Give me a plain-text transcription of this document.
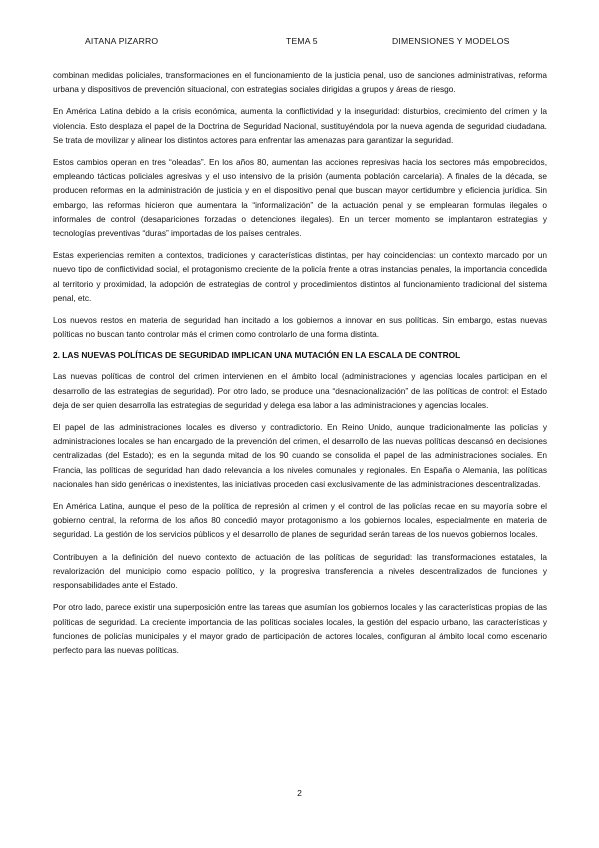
AITANA PIZARRO	TEMA 5	DIMENSIONES Y MODELOS

combinan medidas policiales, transformaciones en el funcionamiento de la justicia penal, uso de sanciones administrativas, reforma urbana y dispositivos de prevención situacional, con estrategias sociales dirigidas a grupos y áreas de riesgo.

En América Latina debido a la crisis económica, aumenta la conflictividad y la inseguridad: disturbios, crecimiento del crimen y la violencia. Esto desplaza el papel de la Doctrina de Seguridad Nacional, sustituyéndola por la nueva agenda de seguridad ciudadana. Se trata de movilizar y alinear los distintos actores para enfrentar las amenazas para garantizar la seguridad.

Estos cambios operan en tres “oleadas”. En los años 80, aumentan las acciones represivas hacia los sectores más empobrecidos, empleando tácticas policiales agresivas y el uso intensivo de la prisión (aumenta población carcelaria). A finales de la década, se producen reformas en la administración de justicia y en el dispositivo penal que buscan mayor certidumbre y eficiencia jurídica. Sin embargo, las reformas hicieron que aumentara la “informalización” de la actuación penal y se emplearan formulas ilegales o informales de control (desapariciones forzadas o detenciones ilegales). En un tercer momento se implantaron estrategias y tecnologías preventivas “duras” importadas de los países centrales.

Estas experiencias remiten a contextos, tradiciones y características distintas, per hay coincidencias: un contexto marcado por un nuevo tipo de conflictividad social, el protagonismo creciente de la policía frente a otras instancias penales, la importancia concedida al territorio y proximidad, la adopción de estrategias de control y procedimientos distintos al funcionamiento tradicional del sistema penal, etc.

Los nuevos restos en materia de seguridad han incitado a los gobiernos a innovar en sus políticas. Sin embargo, estas nuevas políticas no buscan tanto controlar más el crimen como controlarlo de una forma distinta.

2. LAS NUEVAS POLÍTICAS DE SEGURIDAD IMPLICAN UNA MUTACIÓN EN LA ESCALA DE CONTROL

Las nuevas políticas de control del crimen intervienen en el ámbito local (administraciones y agencias locales participan en el desarrollo de las estrategias de seguridad). Por otro lado, se produce una “desnacionalización” de las políticas de control: el Estado deja de ser quien desarrolla las estrategias de seguridad y delega esa labor a las administraciones y agencias locales.

El papel de las administraciones locales es diverso y contradictorio. En Reino Unido, aunque tradicionalmente las policías y administraciones locales se han encargado de la prevención del crimen, el desarrollo de las nuevas políticas descansó en decisiones centralizadas (del Estado); es en la segunda mitad de los 90 cuando se consolida el papel de las administraciones sociales. En Francia, las políticas de seguridad han dado relevancia a los niveles comunales y regionales. En España o Alemania, las políticas nacionales han sido genéricas o inexistentes, las iniciativas proceden casi exclusivamente de las administraciones descentralizadas.

En América Latina, aunque el peso de la política de represión al crimen y el control de las policías recae en su mayoría sobre el gobierno central, la reforma de los años 80 concedió mayor protagonismo a los gobiernos locales, especialmente en materia de seguridad. La gestión de los servicios públicos y el desarrollo de planes de seguridad serán tareas de los nuevos gobiernos locales.

Contribuyen a la definición del nuevo contexto de actuación de las políticas de seguridad: las transformaciones estatales, la revalorización del municipio como espacio político, y la progresiva transferencia a niveles descentralizados de funciones y responsabilidades ante el Estado.

Por otro lado, parece existir una superposición entre las tareas que asumían los gobiernos locales y las características propias de las políticas de seguridad. La creciente importancia de las políticas sociales locales, la gestión del espacio urbano, las características y funciones de policías municipales y el mayor grado de participación de actores locales, configuran al ámbito local como escenario perfecto para las nuevas políticas.

2
